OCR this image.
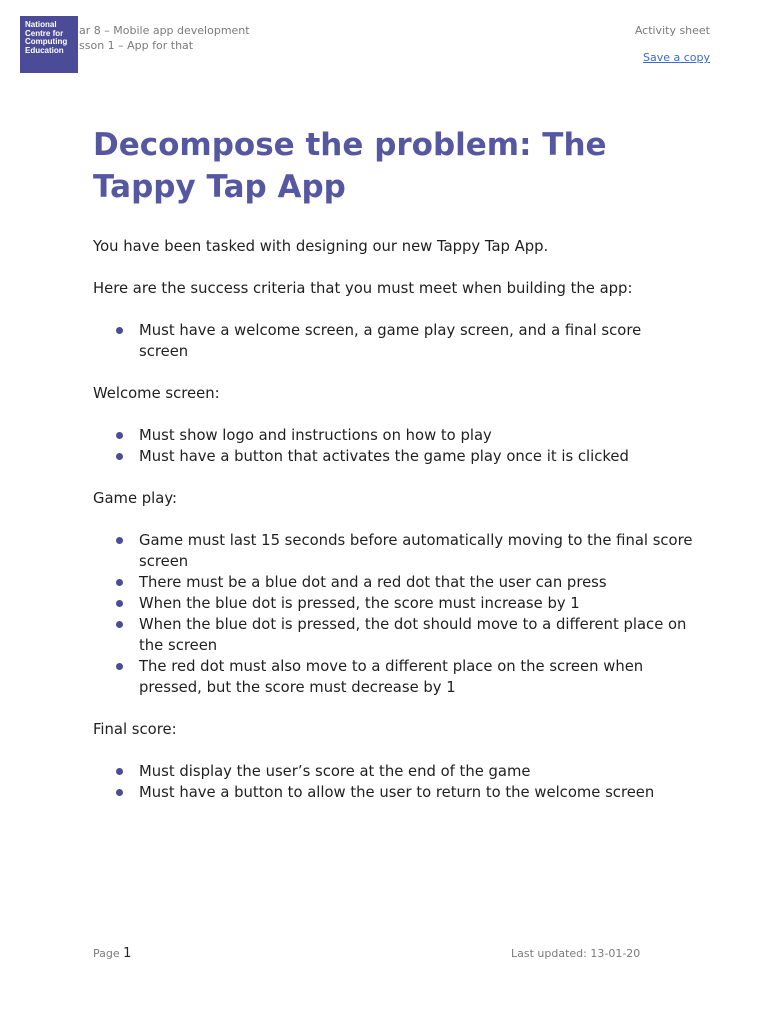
National
Centre for
Computing
Education
ar 8 – Mobile app development
sson 1 – App for that
Activity sheet
Save a copy
Decompose the problem: The Tappy Tap App

You have been tasked with designing our new Tappy Tap App.

Here are the success criteria that you must meet when building the app:

Must have a welcome screen, a game play screen, and a final score screen

Welcome screen:

Must show logo and instructions on how to play
Must have a button that activates the game play once it is clicked

Game play:

Game must last 15 seconds before automatically moving to the final score screen
There must be a blue dot and a red dot that the user can press
When the blue dot is pressed, the score must increase by 1
When the blue dot is pressed, the dot should move to a different place on the screen
The red dot must also move to a different place on the screen when pressed, but the score must decrease by 1

Final score:

Must display the user’s score at the end of the game
Must have a button to allow the user to return to the welcome screen
Page 1	Last updated: 13-01-20
